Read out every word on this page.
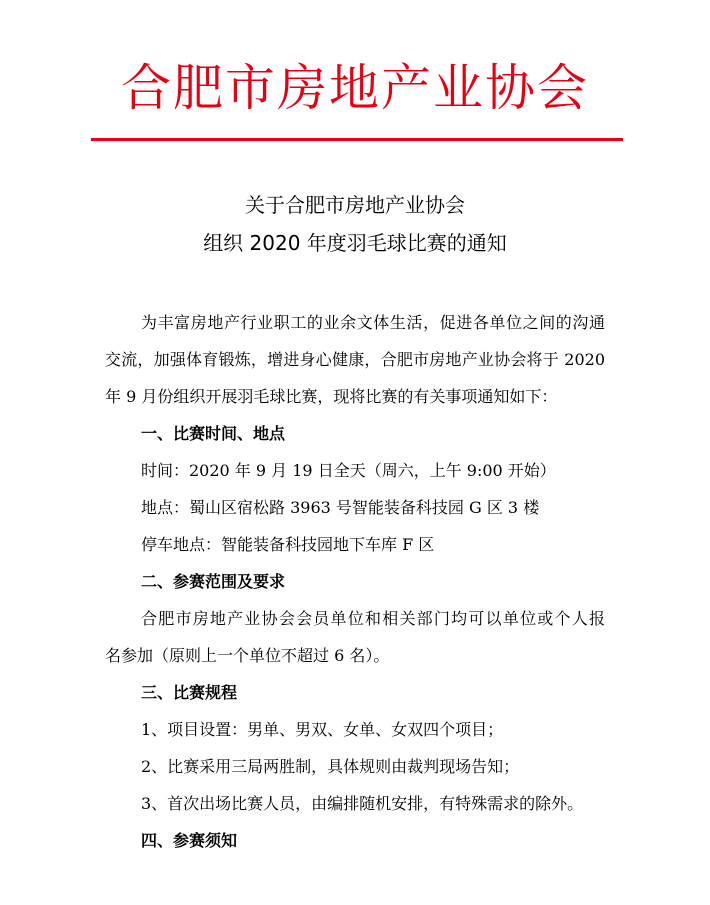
合肥市房地产业协会
关于合肥市房地产业协会
组织 2020 年度羽毛球比赛的通知
为丰富房地产行业职工的业余文体生活，促进各单位之间的沟通
交流，加强体育锻炼，增进身心健康，合肥市房地产业协会将于 2020
年 9 月份组织开展羽毛球比赛，现将比赛的有关事项通知如下：
一、比赛时间、地点
时间：2020 年 9 月 19 日全天（周六，上午 9:00 开始）
地点：蜀山区宿松路 3963 号智能装备科技园 G 区 3 楼
停车地点：智能装备科技园地下车库 F 区
二、参赛范围及要求
合肥市房地产业协会会员单位和相关部门均可以单位或个人报
名参加（原则上一个单位不超过 6 名）。
三、比赛规程
1、项目设置：男单、男双、女单、女双四个项目；
2、比赛采用三局两胜制，具体规则由裁判现场告知；
3、首次出场比赛人员，由编排随机安排，有特殊需求的除外。
四、参赛须知
